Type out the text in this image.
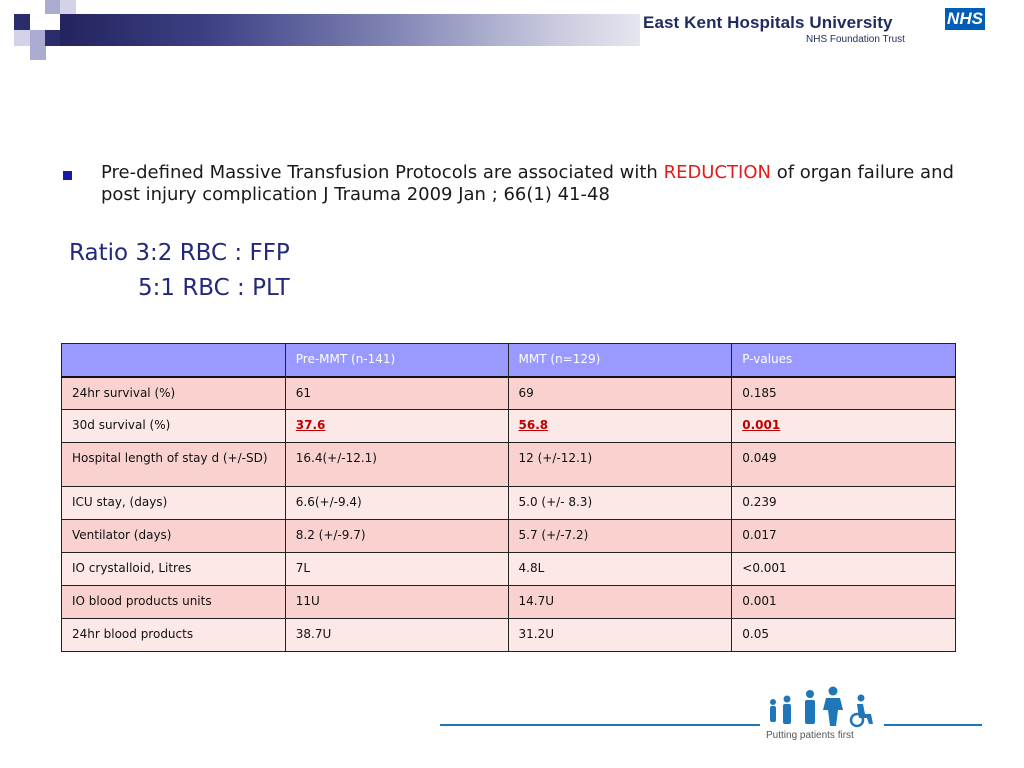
East Kent Hospitals University
NHS Foundation Trust
NHS
Pre-defined Massive Transfusion Protocols are associated with REDUCTION of organ failure and post injury complication J Trauma 2009 Jan ; 66(1) 41-48
Ratio 3:2 RBC : FFP
5:1 RBC : PLT
	Pre-MMT (n-141)	MMT (n=129)	P-values
24hr survival (%)	61	69	0.185
30d survival (%)	37.6	56.8	0.001
Hospital length of stay d (+/-SD)	16.4(+/-12.1)	12 (+/-12.1)	0.049
ICU stay, (days)	6.6(+/-9.4)	5.0 (+/- 8.3)	0.239
Ventilator (days)	8.2 (+/-9.7)	5.7 (+/-7.2)	0.017
IO crystalloid, Litres	7L	4.8L	<0.001
IO blood products units	11U	14.7U	0.001
24hr blood products	38.7U	31.2U	0.05
Putting patients first
